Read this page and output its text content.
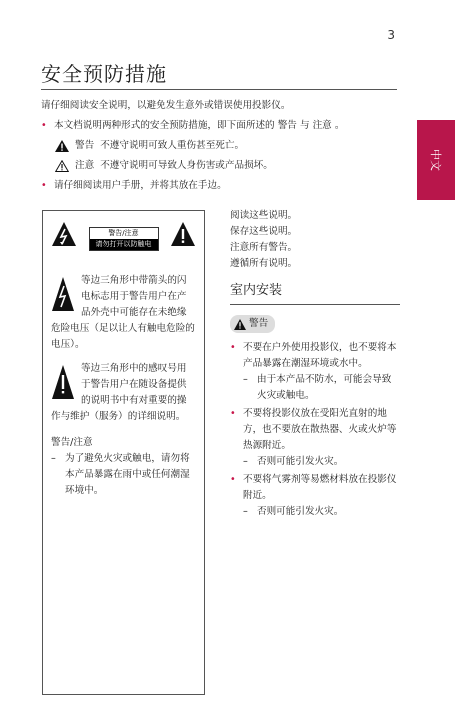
3
安全预防措施
中文
请仔细阅读安全说明，以避免发生意外或错误使用投影仪。
• 本文档说明两种形式的安全预防措施，即下面所述的 警告 与 注意 。
警告 不遵守说明可致人重伤甚至死亡。
注意 不遵守说明可导致人身伤害或产品损坏。
• 请仔细阅读用户手册，并将其放在手边。
警告/注意
请勿打开以防触电
等边三角形中带箭头的闪电标志用于警告用户在产品外壳中可能存在未绝缘危险电压（足以让人有触电危险的电压）。
等边三角形中的感叹号用于警告用户在随设备提供的说明书中有对重要的操作与维护（服务）的详细说明。
警告/注意
– 为了避免火灾或触电，请勿将本产品暴露在雨中或任何潮湿环境中。
阅读这些说明。
保存这些说明。
注意所有警告。
遵循所有说明。
室内安装
警告
• 不要在户外使用投影仪，也不要将本产品暴露在潮湿环境或水中。
– 由于本产品不防水，可能会导致火灾或触电。
• 不要将投影仪放在受阳光直射的地方，也不要放在散热器、火或火炉等热源附近。
– 否则可能引发火灾。
• 不要将气雾剂等易燃材料放在投影仪附近。
– 否则可能引发火灾。
